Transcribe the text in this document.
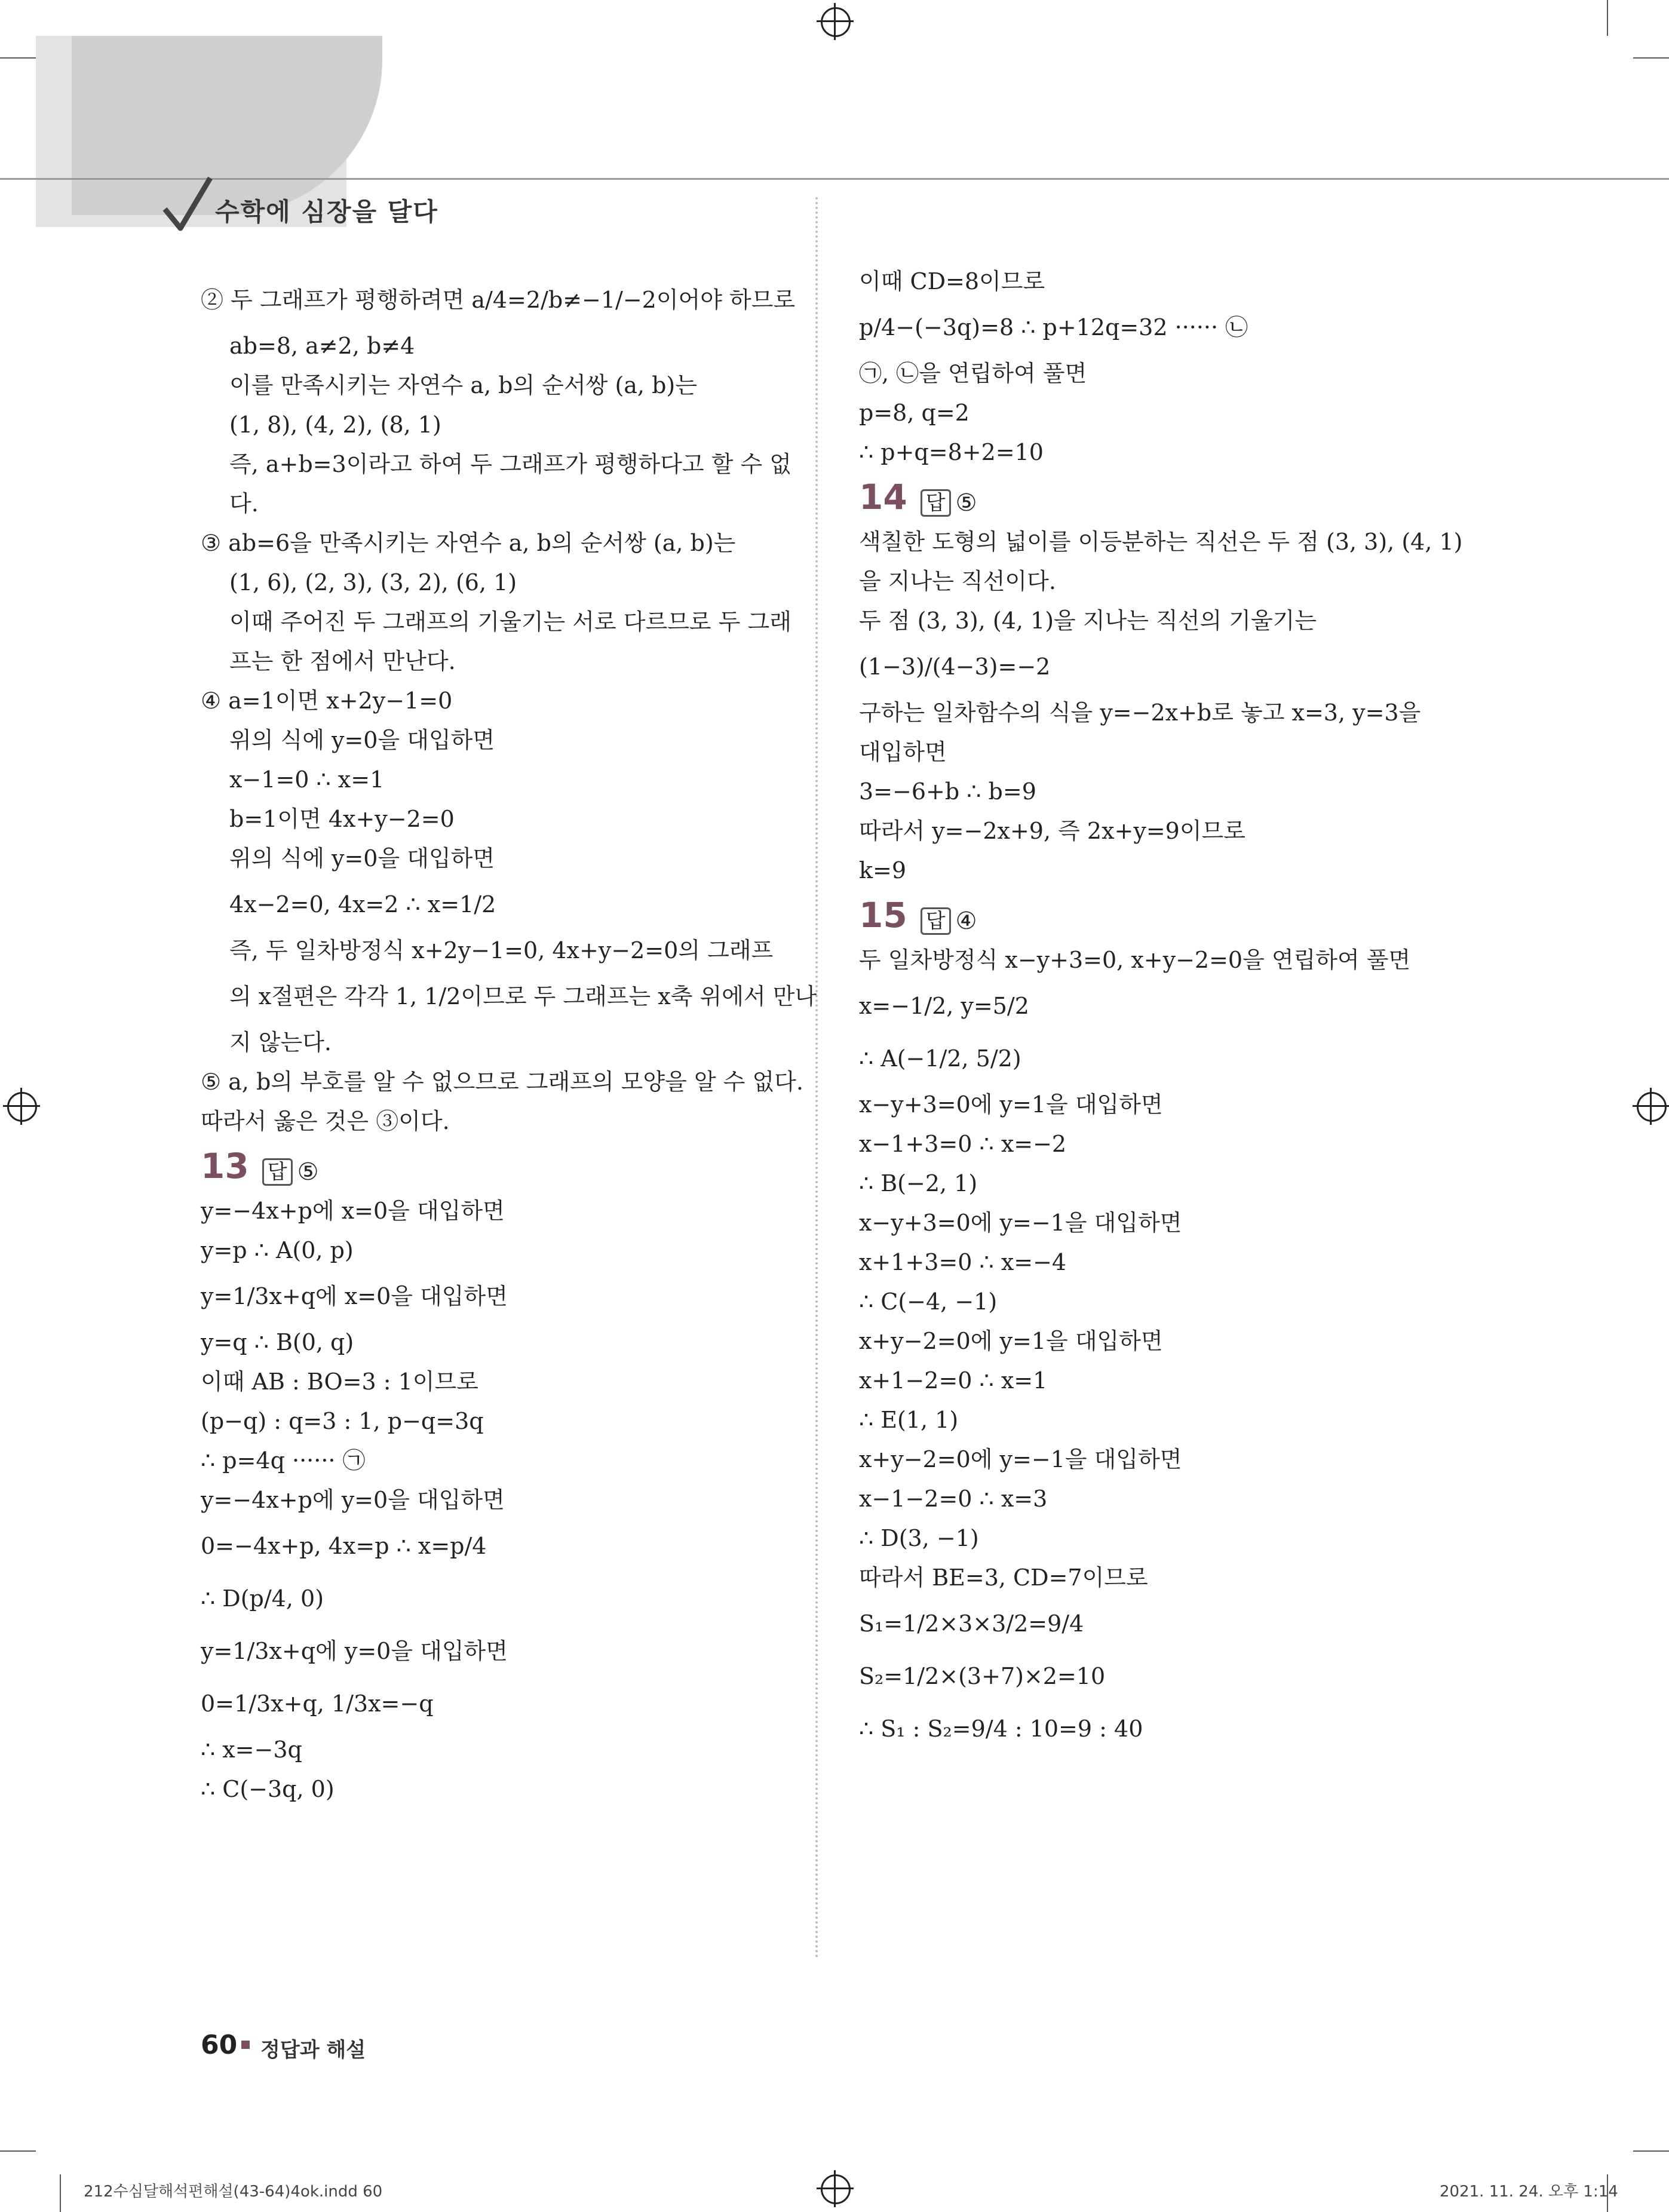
수학에 심장을 달다
② 두 그래프가 평행하려면 a/4=2/b≠−1/−2이어야 하므로
ab=8, a≠2, b≠4
이를 만족시키는 자연수 a, b의 순서쌍 (a, b)는
(1, 8), (4, 2), (8, 1)
즉, a+b=3이라고 하여 두 그래프가 평행하다고 할 수 없
다.
③ ab=6을 만족시키는 자연수 a, b의 순서쌍 (a, b)는
(1, 6), (2, 3), (3, 2), (6, 1)
이때 주어진 두 그래프의 기울기는 서로 다르므로 두 그래
프는 한 점에서 만난다.
④ a=1이면 x+2y−1=0
위의 식에 y=0을 대입하면
x−1=0 ∴ x=1
b=1이면 4x+y−2=0
위의 식에 y=0을 대입하면
4x−2=0, 4x=2 ∴ x=1/2
즉, 두 일차방정식 x+2y−1=0, 4x+y−2=0의 그래프
의 x절편은 각각 1, 1/2이므로 두 그래프는 x축 위에서 만나
지 않는다.
⑤ a, b의 부호를 알 수 없으므로 그래프의 모양을 알 수 없다.
따라서 옳은 것은 ③이다.
13 답 ⑤
y=−4x+p에 x=0을 대입하면
y=p ∴ A(0, p)
y=1/3x+q에 x=0을 대입하면
y=q ∴ B(0, q)
이때 AB : BO=3 : 1이므로
(p−q) : q=3 : 1, p−q=3q
∴ p=4q ······ ㉠
y=−4x+p에 y=0을 대입하면
0=−4x+p, 4x=p ∴ x=p/4
∴ D(p/4, 0)
y=1/3x+q에 y=0을 대입하면
0=1/3x+q, 1/3x=−q
∴ x=−3q
∴ C(−3q, 0)
이때 CD=8이므로
p/4−(−3q)=8 ∴ p+12q=32 ······ ㉡
㉠, ㉡을 연립하여 풀면
p=8, q=2
∴ p+q=8+2=10
14 답 ⑤
색칠한 도형의 넓이를 이등분하는 직선은 두 점 (3, 3), (4, 1)
을 지나는 직선이다.
두 점 (3, 3), (4, 1)을 지나는 직선의 기울기는
(1−3)/(4−3)=−2
구하는 일차함수의 식을 y=−2x+b로 놓고 x=3, y=3을
대입하면
3=−6+b ∴ b=9
따라서 y=−2x+9, 즉 2x+y=9이므로
k=9
15 답 ④
두 일차방정식 x−y+3=0, x+y−2=0을 연립하여 풀면
x=−1/2, y=5/2
∴ A(−1/2, 5/2)
x−y+3=0에 y=1을 대입하면
x−1+3=0 ∴ x=−2
∴ B(−2, 1)
x−y+3=0에 y=−1을 대입하면
x+1+3=0 ∴ x=−4
∴ C(−4, −1)
x+y−2=0에 y=1을 대입하면
x+1−2=0 ∴ x=1
∴ E(1, 1)
x+y−2=0에 y=−1을 대입하면
x−1−2=0 ∴ x=3
∴ D(3, −1)
따라서 BE=3, CD=7이므로
S₁=1/2×3×3/2=9/4
S₂=1/2×(3+7)×2=10
∴ S₁ : S₂=9/4 : 10=9 : 40
60 정답과 해설
212수심달해석편해설(43-64)4ok.indd 60	2021. 11. 24. 오후 1:14
